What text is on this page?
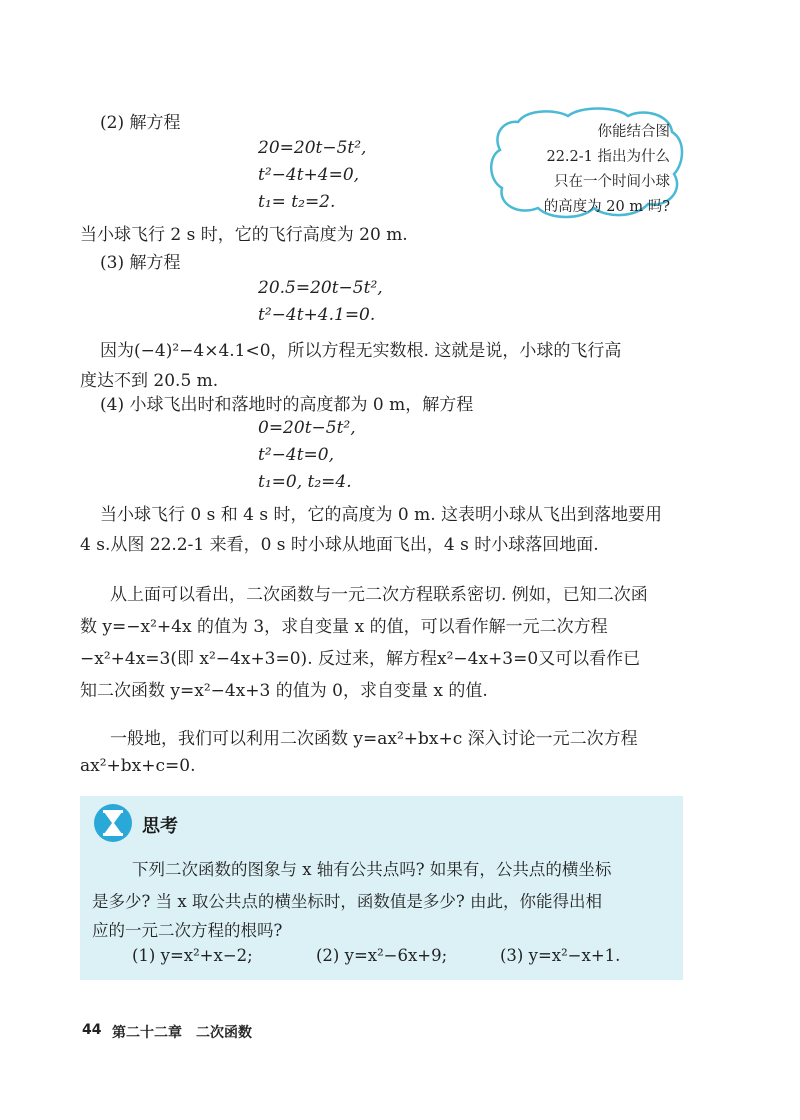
(2) 解方程
20=20t−5t²,
t²−4t+4=0,
t₁= t₂=2.
当小球飞行 2 s 时，它的飞行高度为 20 m.
你能结合图
22.2-1 指出为什么
只在一个时间小球
的高度为 20 m 吗?
(3) 解方程
20.5=20t−5t²,
t²−4t+4.1=0.
因为(−4)²−4×4.1<0，所以方程无实数根. 这就是说，小球的飞行高
度达不到 20.5 m.
(4) 小球飞出时和落地时的高度都为 0 m，解方程
0=20t−5t²,
t²−4t=0,
t₁=0, t₂=4.
当小球飞行 0 s 和 4 s 时，它的高度为 0 m. 这表明小球从飞出到落地要用
4 s.从图 22.2-1 来看，0 s 时小球从地面飞出，4 s 时小球落回地面.
从上面可以看出，二次函数与一元二次方程联系密切. 例如，已知二次函
数 y=−x²+4x 的值为 3，求自变量 x 的值，可以看作解一元二次方程
−x²+4x=3(即 x²−4x+3=0). 反过来，解方程x²−4x+3=0又可以看作已
知二次函数 y=x²−4x+3 的值为 0，求自变量 x 的值.
一般地，我们可以利用二次函数 y=ax²+bx+c 深入讨论一元二次方程
ax²+bx+c=0.
思考
下列二次函数的图象与 x 轴有公共点吗? 如果有，公共点的横坐标
是多少? 当 x 取公共点的横坐标时，函数值是多少? 由此，你能得出相
应的一元二次方程的根吗?
(1) y=x²+x−2;	(2) y=x²−6x+9;	(3) y=x²−x+1.
44 第二十二章　二次函数
